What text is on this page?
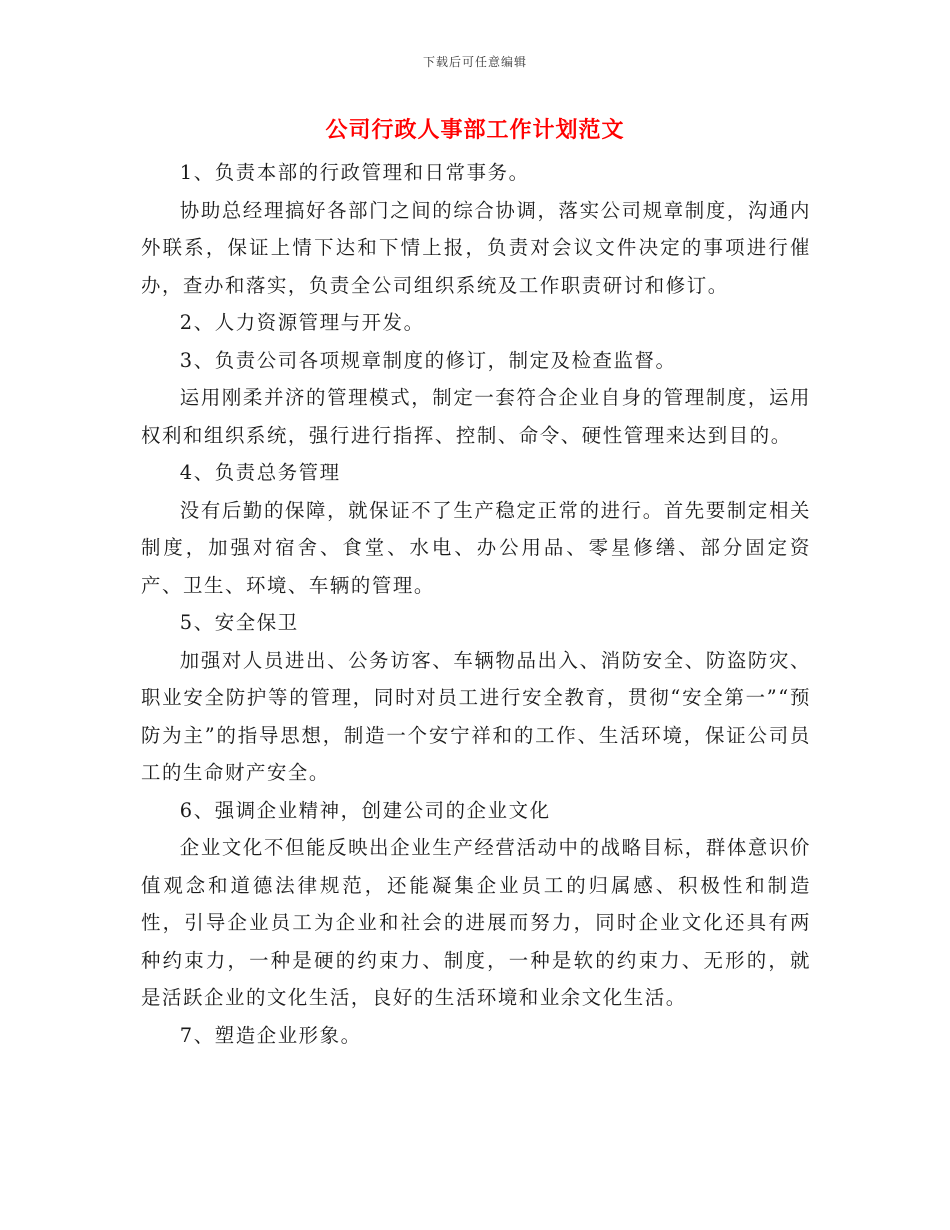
下载后可任意编辑
公司行政人事部工作计划范文

1、负责本部的行政管理和日常事务。

协助总经理搞好各部门之间的综合协调，落实公司规章制度，沟通内外联系，保证上情下达和下情上报，负责对会议文件决定的事项进行催办，查办和落实，负责全公司组织系统及工作职责研讨和修订。

2、人力资源管理与开发。

3、负责公司各项规章制度的修订，制定及检查监督。

运用刚柔并济的管理模式，制定一套符合企业自身的管理制度，运用权利和组织系统，强行进行指挥、控制、命令、硬性管理来达到目的。

4、负责总务管理

没有后勤的保障，就保证不了生产稳定正常的进行。首先要制定相关制度，加强对宿舍、食堂、水电、办公用品、零星修缮、部分固定资产、卫生、环境、车辆的管理。

5、安全保卫

加强对人员进出、公务访客、车辆物品出入、消防安全、防盗防灾、职业安全防护等的管理，同时对员工进行安全教育，贯彻“安全第一”“预防为主”的指导思想，制造一个安宁祥和的工作、生活环境，保证公司员工的生命财产安全。

6、强调企业精神，创建公司的企业文化

企业文化不但能反映出企业生产经营活动中的战略目标，群体意识价值观念和道德法律规范，还能凝集企业员工的归属感、积极性和制造性，引导企业员工为企业和社会的进展而努力，同时企业文化还具有两种约束力，一种是硬的约束力、制度，一种是软的约束力、无形的，就是活跃企业的文化生活，良好的生活环境和业余文化生活。

7、塑造企业形象。
